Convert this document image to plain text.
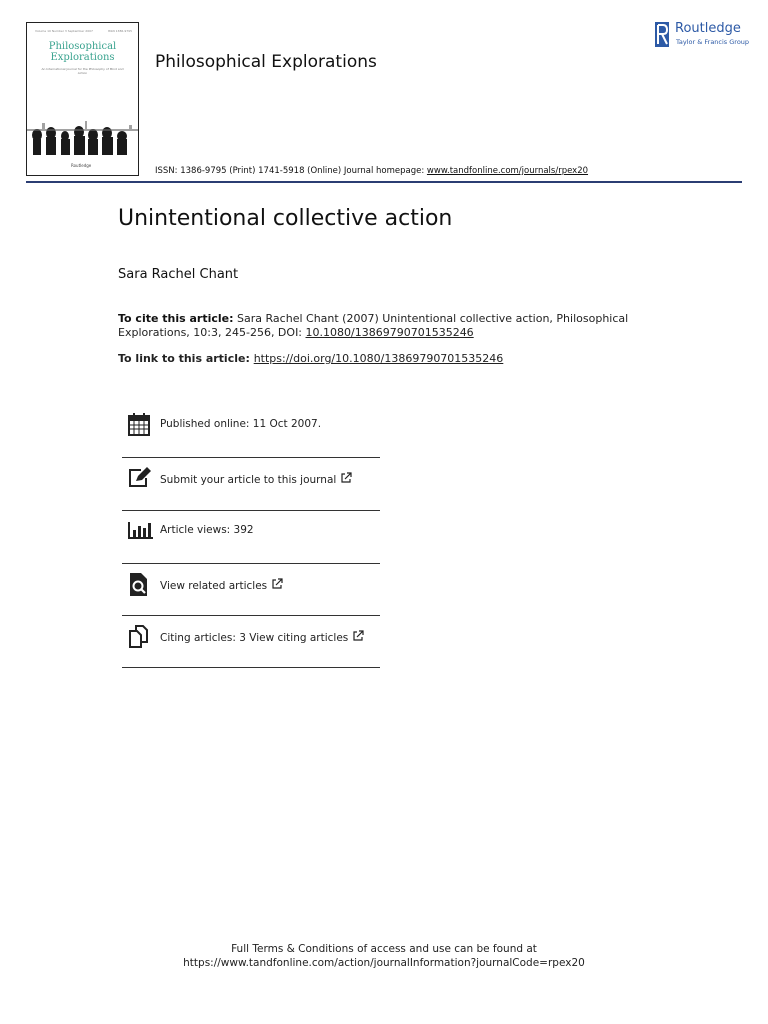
Volume 10 Number 3 September 2007	ISSN 1386-9795
Philosophical
Explorations
An International Journal for the Philosophy of Mind and Action
Routledge
Philosophical Explorations
Routledge
Taylor & Francis Group
ISSN: 1386-9795 (Print) 1741-5918 (Online) Journal homepage: www.tandfonline.com/journals/rpex20
Unintentional collective action
Sara Rachel Chant
To cite this article: Sara Rachel Chant (2007) Unintentional collective action, Philosophical Explorations, 10:3, 245-256, DOI: 10.1080/13869790701535246
To link to this article: https://doi.org/10.1080/13869790701535246
Published online: 11 Oct 2007.
Submit your article to this journal
Article views: 392
View related articles
Citing articles: 3 View citing articles
Full Terms & Conditions of access and use can be found at
https://www.tandfonline.com/action/journalInformation?journalCode=rpex20
